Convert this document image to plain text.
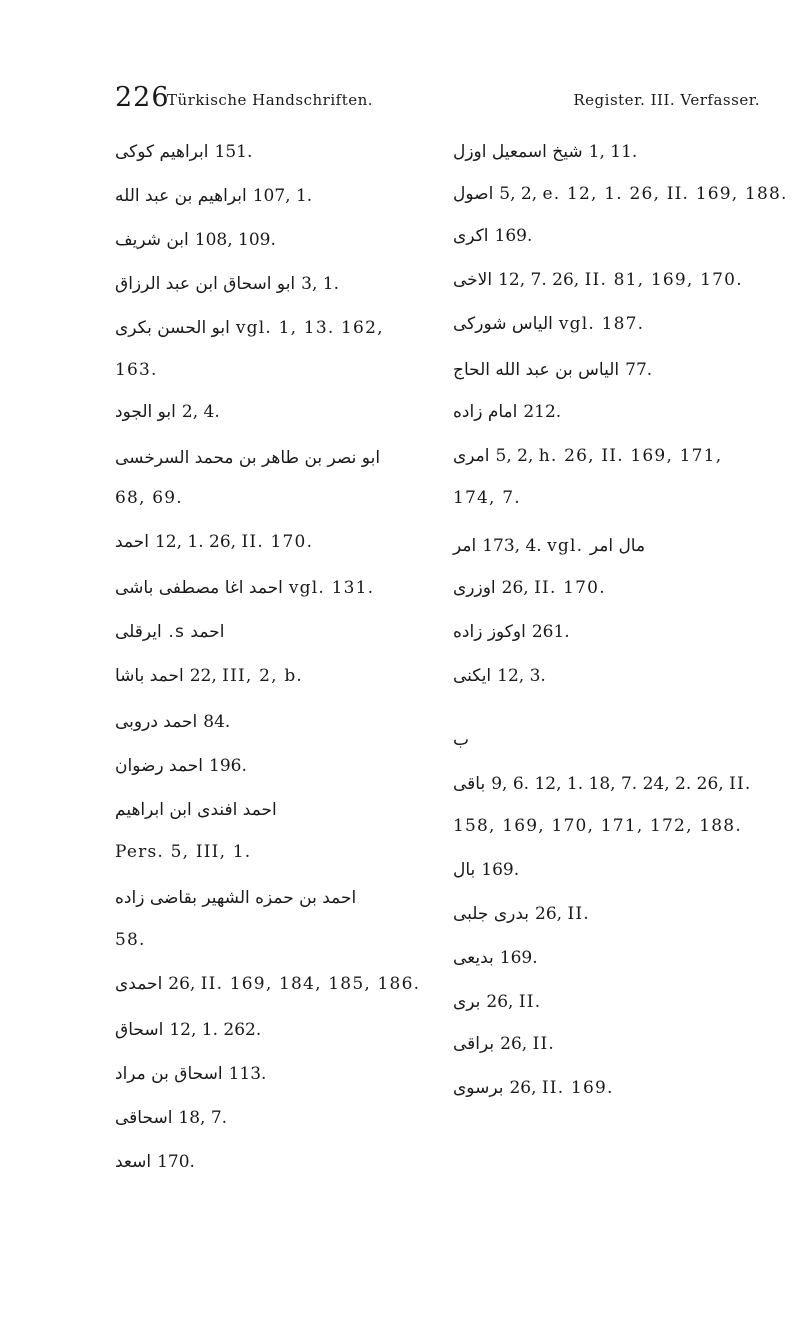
226
Türkische Handschriften.	Register. III. Verfasser.
ابراهيم كوكى 151.
ابراهيم بن عبد الله 107, 1.
ابن شريف 108, 109.
ابو اسحاق ابن عبد الرزاق 3, 1.
ابو الحسن بكرى vgl. 1, 13. 162,
163.
ابو الجود 2, 4.
ابو نصر بن طاهر بن محمد السرخسى
68, 69.
احمد 12, 1. 26, II. 170.
احمد اغا مصطفى باشى vgl. 131.
احمد s. ايرقلى
احمد باشا 22, III, 2, b.
احمد دروبى 84.
احمد رضوان 196.
احمد افندى ابن ابراهيم
Pers. 5, III, 1.
احمد بن حمزه الشهير بقاضى زاده
58.
احمدى 26, II. 169, 184, 185, 186.
اسحاق 12, 1. 262.
اسحاق بن مراد 113.
اسحاقى 18, 7.
اسعد 170.
شيخ اسمعيل اوزل 1, 11.
اصول 5, 2, e. 12, 1. 26, II. 169, 188.
اكرى 169.
الاخى 12, 7. 26, II. 81, 169, 170.
الياس شوركى vgl. 187.
الياس بن عبد الله الحاج 77.
امام زاده 212.
امرى 5, 2, h. 26, II. 169, 171,
174, 7.
امر 173, 4. vgl. مال امر
اوزرى 26, II. 170.
اوكوز زاده 261.
ايكنى 12, 3.
ب
باقى 9, 6. 12, 1. 18, 7. 24, 2. 26, II.
158, 169, 170, 171, 172, 188.
بال 169.
بدرى جلبى 26, II.
بديعى 169.
برى 26, II.
براقى 26, II.
برسوى 26, II. 169.
